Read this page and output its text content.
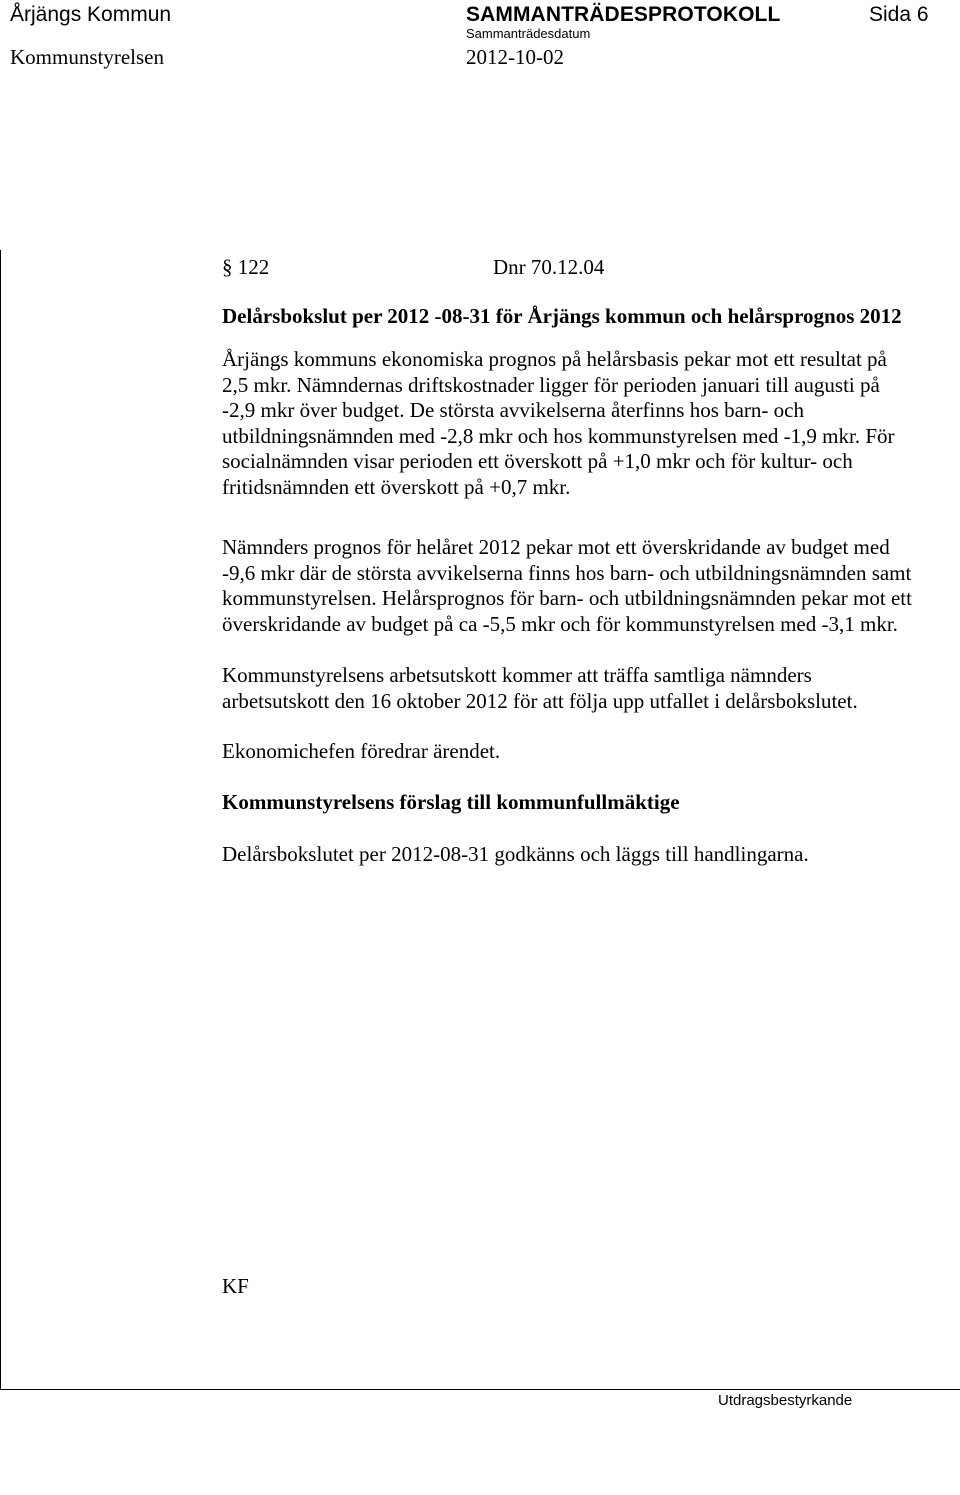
Årjängs Kommun	SAMMANTRÄDESPROTOKOLL	Sida 6
Kommunstyrelsen
Sammanträdesdatum
2012-10-02
§ 122	Dnr 70.12.04
Delårsbokslut per 2012 -08-31 för Årjängs kommun och helårsprognos 2012
Årjängs kommuns ekonomiska prognos på helårsbasis pekar mot ett resultat på
2,5 mkr. Nämndernas driftskostnader ligger för perioden januari till augusti på
-2,9 mkr över budget. De största avvikelserna återfinns hos barn- och
utbildningsnämnden med -2,8 mkr och hos kommunstyrelsen med -1,9 mkr. För
socialnämnden visar perioden ett överskott på +1,0 mkr och för kultur- och
fritidsnämnden ett överskott på +0,7 mkr.
Nämnders prognos för helåret 2012 pekar mot ett överskridande av budget med
-9,6 mkr där de största avvikelserna finns hos barn- och utbildningsnämnden samt
kommunstyrelsen. Helårsprognos för barn- och utbildningsnämnden pekar mot ett
överskridande av budget på ca -5,5 mkr och för kommunstyrelsen med -3,1 mkr.
Kommunstyrelsens arbetsutskott kommer att träffa samtliga nämnders
arbetsutskott den 16 oktober 2012 för att följa upp utfallet i delårsbokslutet.
Ekonomichefen föredrar ärendet.
Kommunstyrelsens förslag till kommunfullmäktige
Delårsbokslutet per 2012-08-31 godkänns och läggs till handlingarna.
KF
Utdragsbestyrkande
